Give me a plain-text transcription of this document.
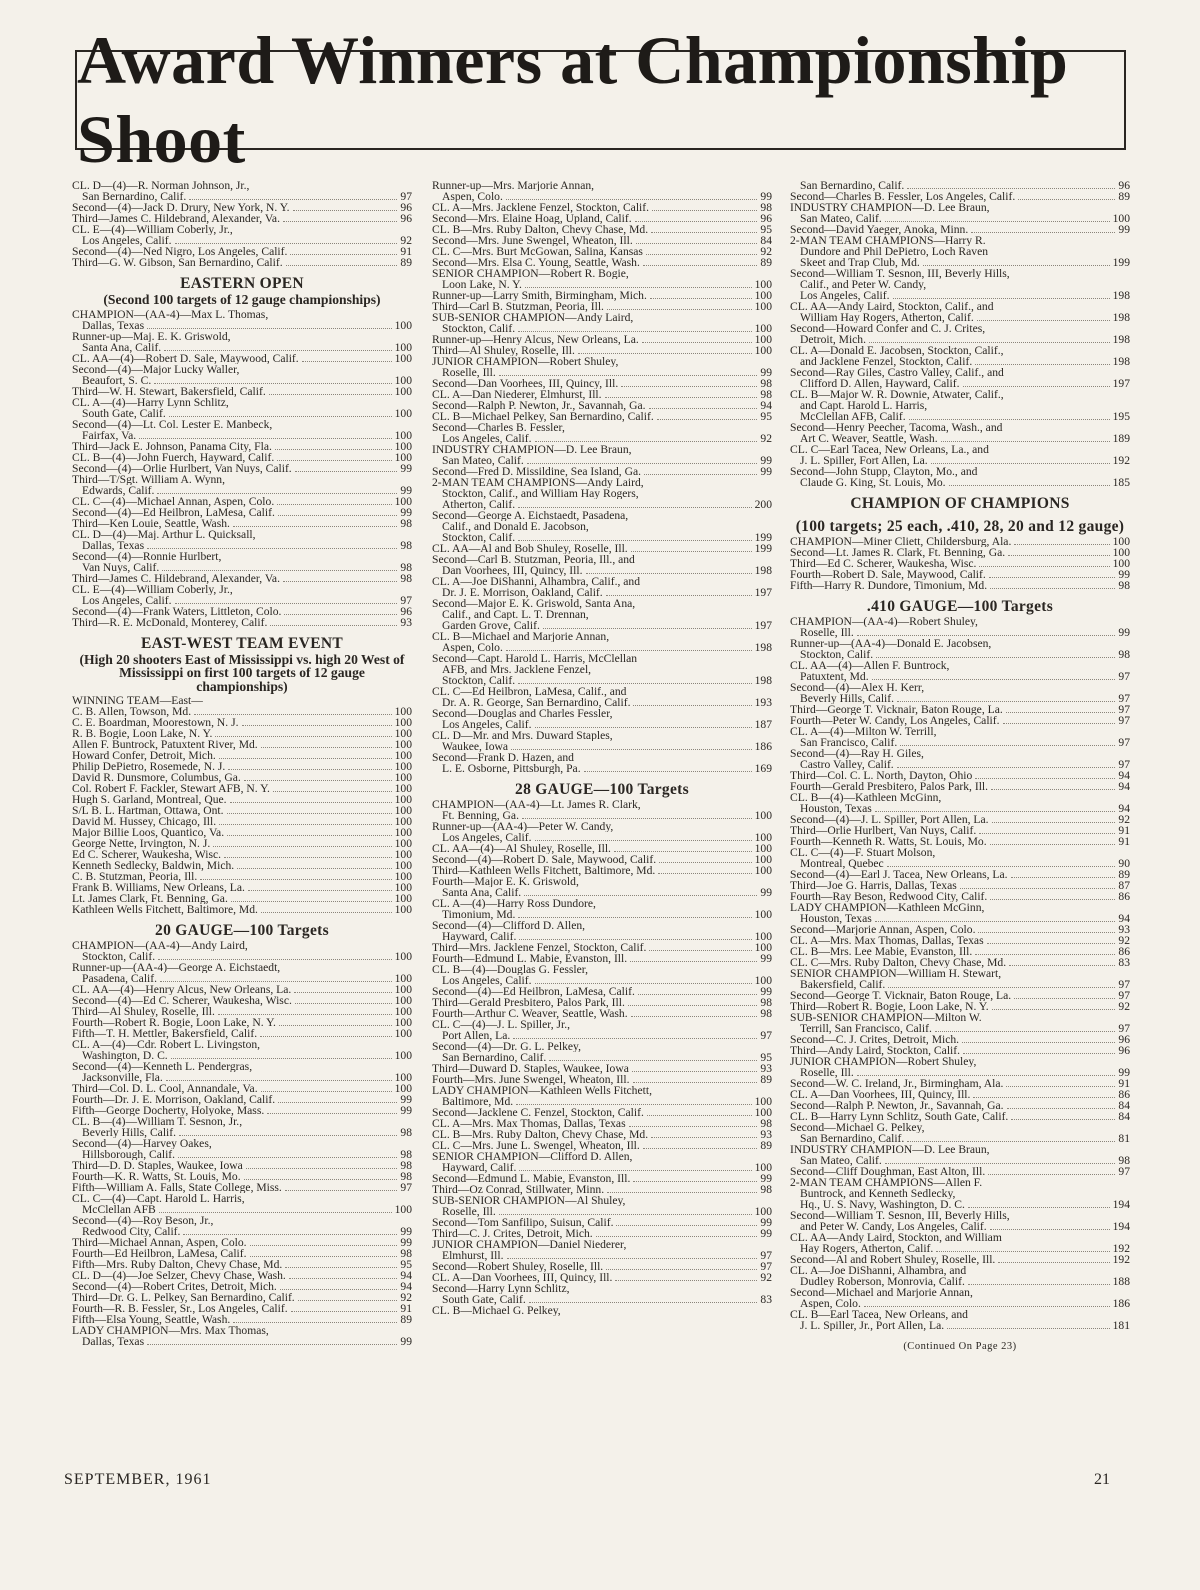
Award Winners at Championship Shoot
CL. D—(4)—R. Norman Johnson, Jr.,
San Bernardino, Calif.	97
Second—(4)—Jack D. Drury, New York, N. Y.	96
Third—James C. Hildebrand, Alexander, Va.	96
CL. E—(4)—William Coberly, Jr.,
Los Angeles, Calif.	92
Second—(4)—Ned Nigro, Los Angeles, Calif.	91
Third—G. W. Gibson, San Bernardino, Calif.	89
EASTERN OPEN
(Second 100 targets of 12 gauge championships)
CHAMPION—(AA-4)—Max L. Thomas,
Dallas, Texas	100
Runner-up—Maj. E. K. Griswold,
Santa Ana, Calif.	100
CL. AA—(4)—Robert D. Sale, Maywood, Calif.	100
Second—(4)—Major Lucky Waller,
Beaufort, S. C.	100
Third—W. H. Stewart, Bakersfield, Calif.	100
CL. A—(4)—Harry Lynn Schlitz,
South Gate, Calif.	100
Second—(4)—Lt. Col. Lester E. Manbeck,
Fairfax, Va.	100
Third—Jack E. Johnson, Panama City, Fla.	100
CL. B—(4)—John Fuerch, Hayward, Calif.	100
Second—(4)—Orlie Hurlbert, Van Nuys, Calif.	99
Third—T/Sgt. William A. Wynn,
Edwards, Calif.	99
CL. C—(4)—Michael Annan, Aspen, Colo.	100
Second—(4)—Ed Heilbron, LaMesa, Calif.	99
Third—Ken Louie, Seattle, Wash.	98
CL. D—(4)—Maj. Arthur L. Quicksall,
Dallas, Texas	98
Second—(4)—Ronnie Hurlbert,
Van Nuys, Calif.	98
Third—James C. Hildebrand, Alexander, Va.	98
CL. E—(4)—William Coberly, Jr.,
Los Angeles, Calif.	97
Second—(4)—Frank Waters, Littleton, Colo.	96
Third—R. E. McDonald, Monterey, Calif.	93
EAST-WEST TEAM EVENT
(High 20 shooters East of Mississippi vs. high 20 West of Mississippi on first 100 targets of 12 gauge championships)
WINNING TEAM—East—
C. B. Allen, Towson, Md.	100
C. E. Boardman, Moorestown, N. J.	100
R. B. Bogie, Loon Lake, N. Y.	100
Allen F. Buntrock, Patuxtent River, Md.	100
Howard Confer, Detroit, Mich.	100
Philip DePietro, Rosemede, N. J.	100
David R. Dunsmore, Columbus, Ga.	100
Col. Robert F. Fackler, Stewart AFB, N. Y.	100
Hugh S. Garland, Montreal, Que.	100
S/L B. L. Hartman, Ottawa, Ont.	100
David M. Hussey, Chicago, Ill.	100
Major Billie Loos, Quantico, Va.	100
George Nette, Irvington, N. J.	100
Ed C. Scherer, Waukesha, Wisc.	100
Kenneth Sedlecky, Baldwin, Mich.	100
C. B. Stutzman, Peoria, Ill.	100
Frank B. Williams, New Orleans, La.	100
Lt. James Clark, Ft. Benning, Ga.	100
Kathleen Wells Fitchett, Baltimore, Md.	100
20 GAUGE—100 Targets
CHAMPION—(AA-4)—Andy Laird,
Stockton, Calif.	100
Runner-up—(AA-4)—George A. Eichstaedt,
Pasadena, Calif.	100
CL. AA—(4)—Henry Alcus, New Orleans, La.	100
Second—(4)—Ed C. Scherer, Waukesha, Wisc.	100
Third—Al Shuley, Roselle, Ill.	100
Fourth—Robert R. Bogie, Loon Lake, N. Y.	100
Fifth—T. H. Mettler, Bakersfield, Calif.	100
CL. A—(4)—Cdr. Robert L. Livingston,
Washington, D. C.	100
Second—(4)—Kenneth L. Pendergras,
Jacksonville, Fla.	100
Third—Col. D. L. Cool, Annandale, Va.	100
Fourth—Dr. J. E. Morrison, Oakland, Calif.	99
Fifth—George Docherty, Holyoke, Mass.	99
CL. B—(4)—William T. Sesnon, Jr.,
Beverly Hills, Calif.	98
Second—(4)—Harvey Oakes,
Hillsborough, Calif.	98
Third—D. D. Staples, Waukee, Iowa	98
Fourth—K. R. Watts, St. Louis, Mo.	98
Fifth—William A. Falls, State College, Miss.	97
CL. C—(4)—Capt. Harold L. Harris,
McClellan AFB	100
Second—(4)—Roy Beson, Jr.,
Redwood City, Calif.	99
Third—Michael Annan, Aspen, Colo.	99
Fourth—Ed Heilbron, LaMesa, Calif.	98
Fifth—Mrs. Ruby Dalton, Chevy Chase, Md.	95
CL. D—(4)—Joe Selzer, Chevy Chase, Wash.	94
Second—(4)—Robert Crites, Detroit, Mich.	94
Third—Dr. G. L. Pelkey, San Bernardino, Calif.	92
Fourth—R. B. Fessler, Sr., Los Angeles, Calif.	91
Fifth—Elsa Young, Seattle, Wash.	89
LADY CHAMPION—Mrs. Max Thomas,
Dallas, Texas	99
Runner-up—Mrs. Marjorie Annan,
Aspen, Colo.	99
CL. A—Mrs. Jacklene Fenzel, Stockton, Calif.	98
Second—Mrs. Elaine Hoag, Upland, Calif.	96
CL. B—Mrs. Ruby Dalton, Chevy Chase, Md.	95
Second—Mrs. June Swengel, Wheaton, Ill.	84
CL. C—Mrs. Burt McGowan, Salina, Kansas	92
Second—Mrs. Elsa C. Young, Seattle, Wash.	89
SENIOR CHAMPION—Robert R. Bogie,
Loon Lake, N. Y.	100
Runner-up—Larry Smith, Birmingham, Mich.	100
Third—Carl B. Stutzman, Peoria, Ill.	100
SUB-SENIOR CHAMPION—Andy Laird,
Stockton, Calif.	100
Runner-up—Henry Alcus, New Orleans, La.	100
Third—Al Shuley, Roselle, Ill.	100
JUNIOR CHAMPION—Robert Shuley,
Roselle, Ill.	99
Second—Dan Voorhees, III, Quincy, Ill.	98
CL. A—Dan Niederer, Elmhurst, Ill.	98
Second—Ralph P. Newton, Jr., Savannah, Ga.	94
CL. B—Michael Pelkey, San Bernardino, Calif.	95
Second—Charles B. Fessler,
Los Angeles, Calif.	92
INDUSTRY CHAMPION—D. Lee Braun,
San Mateo, Calif.	99
Second—Fred D. Missildine, Sea Island, Ga.	99
2-MAN TEAM CHAMPIONS—Andy Laird,
Stockton, Calif., and William Hay Rogers,
Atherton, Calif.	200
Second—George A. Eichstaedt, Pasadena,
Calif., and Donald E. Jacobson,
Stockton, Calif.	199
CL. AA—Al and Bob Shuley, Roselle, Ill.	199
Second—Carl B. Stutzman, Peoria, Ill., and
Dan Voorhees, III, Quincy, Ill.	198
CL. A—Joe DiShanni, Alhambra, Calif., and
Dr. J. E. Morrison, Oakland, Calif.	197
Second—Major E. K. Griswold, Santa Ana,
Calif., and Capt. L. T. Drennan,
Garden Grove, Calif.	197
CL. B—Michael and Marjorie Annan,
Aspen, Colo.	198
Second—Capt. Harold L. Harris, McClellan
AFB, and Mrs. Jacklene Fenzel,
Stockton, Calif.	198
CL. C—Ed Heilbron, LaMesa, Calif., and
Dr. A. R. George, San Bernardino, Calif.	193
Second—Douglas and Charles Fessler,
Los Angeles, Calif.	187
CL. D—Mr. and Mrs. Duward Staples,
Waukee, Iowa	186
Second—Frank D. Hazen, and
L. E. Osborne, Pittsburgh, Pa.	169
28 GAUGE—100 Targets
CHAMPION—(AA-4)—Lt. James R. Clark,
Ft. Benning, Ga.	100
Runner-up—(AA-4)—Peter W. Candy,
Los Angeles, Calif.	100
CL. AA—(4)—Al Shuley, Roselle, Ill.	100
Second—(4)—Robert D. Sale, Maywood, Calif.	100
Third—Kathleen Wells Fitchett, Baltimore, Md.	100
Fourth—Major E. K. Griswold,
Santa Ana, Calif.	99
CL. A—(4)—Harry Ross Dundore,
Timonium, Md.	100
Second—(4)—Clifford D. Allen,
Hayward, Calif.	100
Third—Mrs. Jacklene Fenzel, Stockton, Calif.	100
Fourth—Edmund L. Mabie, Evanston, Ill.	99
CL. B—(4)—Douglas G. Fessler,
Los Angeles, Calif.	100
Second—(4)—Ed Heilbron, LaMesa, Calif.	99
Third—Gerald Presbitero, Palos Park, Ill.	98
Fourth—Arthur C. Weaver, Seattle, Wash.	98
CL. C—(4)—J. L. Spiller, Jr.,
Port Allen, La.	97
Second—(4)—Dr. G. L. Pelkey,
San Bernardino, Calif.	95
Third—Duward D. Staples, Waukee, Iowa	93
Fourth—Mrs. June Swengel, Wheaton, Ill.	89
LADY CHAMPION—Kathleen Wells Fitchett,
Baltimore, Md.	100
Second—Jacklene C. Fenzel, Stockton, Calif.	100
CL. A—Mrs. Max Thomas, Dallas, Texas	98
CL. B—Mrs. Ruby Dalton, Chevy Chase, Md.	93
CL. C—Mrs. June L. Swengel, Wheaton, Ill.	89
SENIOR CHAMPION—Clifford D. Allen,
Hayward, Calif.	100
Second—Edmund L. Mabie, Evanston, Ill.	99
Third—Oz Conrad, Stillwater, Minn.	98
SUB-SENIOR CHAMPION—Al Shuley,
Roselle, Ill.	100
Second—Tom Sanfilipo, Suisun, Calif.	99
Third—C. J. Crites, Detroit, Mich.	99
JUNIOR CHAMPION—Daniel Niederer,
Elmhurst, Ill.	97
Second—Robert Shuley, Roselle, Ill.	97
CL. A—Dan Voorhees, III, Quincy, Ill.	92
Second—Harry Lynn Schlitz,
South Gate, Calif.	83
CL. B—Michael G. Pelkey,
San Bernardino, Calif.	96
Second—Charles B. Fessler, Los Angeles, Calif.	89
INDUSTRY CHAMPION—D. Lee Braun,
San Mateo, Calif.	100
Second—David Yaeger, Anoka, Minn.	99
2-MAN TEAM CHAMPIONS—Harry R.
Dundore and Phil DePietro, Loch Raven
Skeet and Trap Club, Md.	199
Second—William T. Sesnon, III, Beverly Hills,
Calif., and Peter W. Candy,
Los Angeles, Calif.	198
CL. AA—Andy Laird, Stockton, Calif., and
William Hay Rogers, Atherton, Calif.	198
Second—Howard Confer and C. J. Crites,
Detroit, Mich.	198
CL. A—Donald E. Jacobsen, Stockton, Calif.,
and Jacklene Fenzel, Stockton, Calif.	198
Second—Ray Giles, Castro Valley, Calif., and
Clifford D. Allen, Hayward, Calif.	197
CL. B—Major W. R. Downie, Atwater, Calif.,
and Capt. Harold L. Harris,
McClellan AFB, Calif.	195
Second—Henry Peecher, Tacoma, Wash., and
Art C. Weaver, Seattle, Wash.	189
CL. C—Earl Tacea, New Orleans, La., and
J. L. Spiller, Fort Allen, La.	192
Second—John Stupp, Clayton, Mo., and
Claude G. King, St. Louis, Mo.	185
CHAMPION OF CHAMPIONS
(100 targets; 25 each, .410, 28, 20 and 12 gauge)
CHAMPION—Miner Cliett, Childersburg, Ala.	100
Second—Lt. James R. Clark, Ft. Benning, Ga.	100
Third—Ed C. Scherer, Waukesha, Wisc.	100
Fourth—Robert D. Sale, Maywood, Calif.	99
Fifth—Harry R. Dundore, Timonium, Md.	98
.410 GAUGE—100 Targets
CHAMPION—(AA-4)—Robert Shuley,
Roselle, Ill.	99
Runner-up—(AA-4)—Donald E. Jacobsen,
Stockton, Calif.	98
CL. AA—(4)—Allen F. Buntrock,
Patuxtent, Md.	97
Second—(4)—Alex H. Kerr,
Beverly Hills, Calif.	97
Third—George T. Vicknair, Baton Rouge, La.	97
Fourth—Peter W. Candy, Los Angeles, Calif.	97
CL. A—(4)—Milton W. Terrill,
San Francisco, Calif.	97
Second—(4)—Ray H. Giles,
Castro Valley, Calif.	97
Third—Col. C. L. North, Dayton, Ohio	94
Fourth—Gerald Presbitero, Palos Park, Ill.	94
CL. B—(4)—Kathleen McGinn,
Houston, Texas	94
Second—(4)—J. L. Spiller, Port Allen, La.	92
Third—Orlie Hurlbert, Van Nuys, Calif.	91
Fourth—Kenneth R. Watts, St. Louis, Mo.	91
CL. C—(4)—F. Stuart Molson,
Montreal, Quebec	90
Second—(4)—Earl J. Tacea, New Orleans, La.	89
Third—Joe G. Harris, Dallas, Texas	87
Fourth—Ray Beson, Redwood City, Calif.	86
LADY CHAMPION—Kathleen McGinn,
Houston, Texas	94
Second—Marjorie Annan, Aspen, Colo.	93
CL. A—Mrs. Max Thomas, Dallas, Texas	92
CL. B—Mrs. Lee Mabie, Evanston, Ill.	86
CL. C—Mrs. Ruby Dalton, Chevy Chase, Md.	83
SENIOR CHAMPION—William H. Stewart,
Bakersfield, Calif.	97
Second—George T. Vicknair, Baton Rouge, La.	97
Third—Robert R. Bogie, Loon Lake, N. Y.	92
SUB-SENIOR CHAMPION—Milton W.
Terrill, San Francisco, Calif.	97
Second—C. J. Crites, Detroit, Mich.	96
Third—Andy Laird, Stockton, Calif.	96
JUNIOR CHAMPION—Robert Shuley,
Roselle, Ill.	99
Second—W. C. Ireland, Jr., Birmingham, Ala.	91
CL. A—Dan Voorhees, III, Quincy, Ill.	86
Second—Ralph P. Newton, Jr., Savannah, Ga.	84
CL. B—Harry Lynn Schlitz, South Gate, Calif.	84
Second—Michael G. Pelkey,
San Bernardino, Calif.	81
INDUSTRY CHAMPION—D. Lee Braun,
San Mateo, Calif.	98
Second—Cliff Doughman, East Alton, Ill.	97
2-MAN TEAM CHAMPIONS—Allen F.
Buntrock, and Kenneth Sedlecky,
Hq., U. S. Navy, Washington, D. C.	194
Second—William T. Sesnon, III, Beverly Hills,
and Peter W. Candy, Los Angeles, Calif.	194
CL. AA—Andy Laird, Stockton, and William
Hay Rogers, Atherton, Calif.	192
Second—Al and Robert Shuley, Roselle, Ill.	192
CL. A—Joe DiShanni, Alhambra, and
Dudley Roberson, Monrovia, Calif.	188
Second—Michael and Marjorie Annan,
Aspen, Colo.	186
CL. B—Earl Tacea, New Orleans, and
J. L. Spiller, Jr., Port Allen, La.	181
(Continued On Page 23)
SEPTEMBER, 1961	21
